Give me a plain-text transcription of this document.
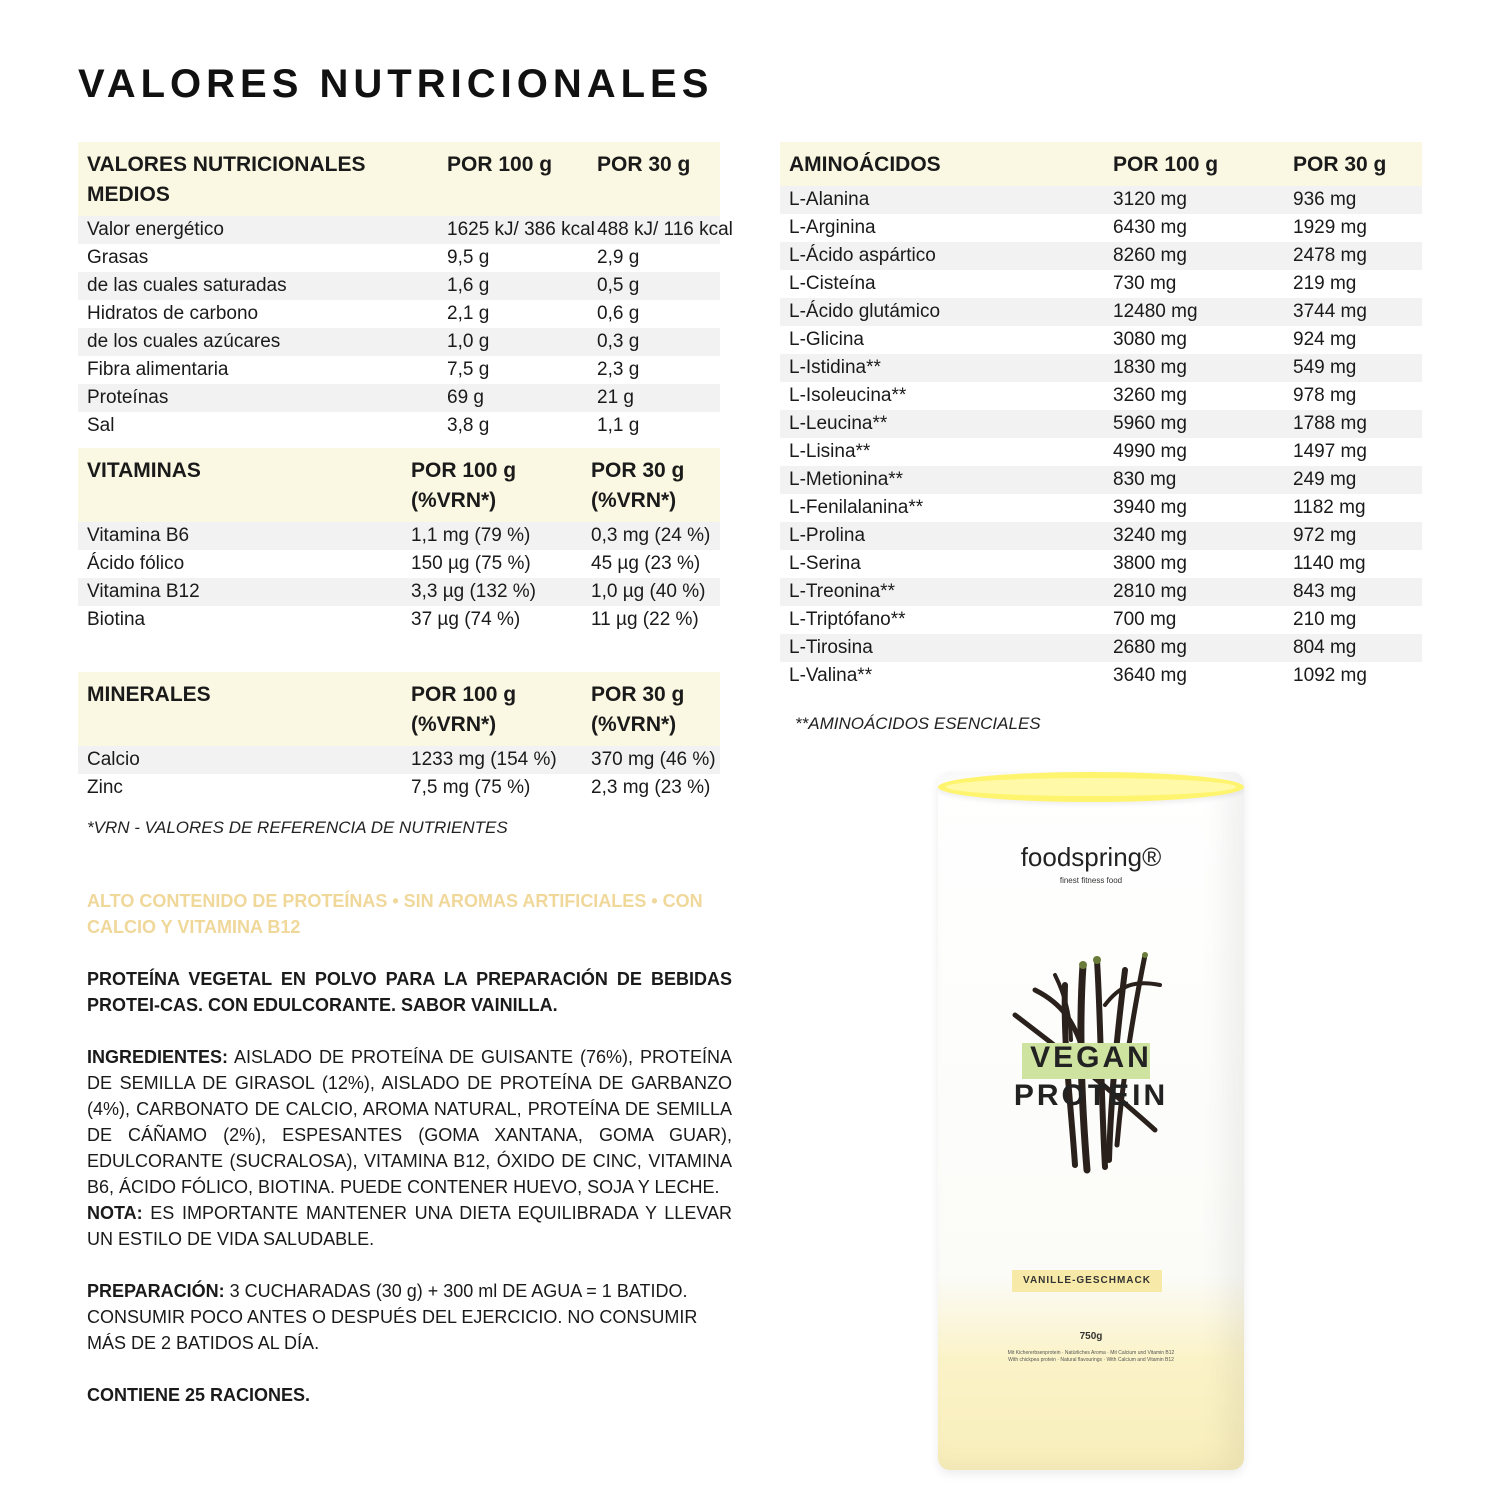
VALORES NUTRICIONALES
VALORES NUTRICIONALES MEDIOS	POR 100 g	POR 30 g
Valor energético	1625 kJ/ 386 kcal	488 kJ/ 116 kcal
Grasas	9,5 g	2,9 g
de las cuales saturadas	1,6 g	0,5 g
Hidratos de carbono	2,1 g	0,6 g
de los cuales azúcares	1,0 g	0,3 g
Fibra alimentaria	7,5 g	2,3 g
Proteínas	69 g	21 g
Sal	3,8 g	1,1 g
VITAMINAS	POR 100 g (%VRN*)	POR 30 g (%VRN*)
Vitamina B6	1,1 mg (79 %)	0,3 mg (24 %)
Ácido fólico	150 µg (75 %)	45 µg (23 %)
Vitamina B12	3,3 µg (132 %)	1,0 µg (40 %)
Biotina	37 µg (74 %)	11 µg (22 %)
MINERALES	POR 100 g (%VRN*)	POR 30 g (%VRN*)
Calcio	1233 mg (154 %)	370 mg (46 %)
Zinc	7,5 mg (75 %)	2,3 mg (23 %)
*VRN - VALORES DE REFERENCIA DE NUTRIENTES
AMINOÁCIDOS	POR 100 g	POR 30 g
L-Alanina	3120 mg	936 mg
L-Arginina	6430 mg	1929 mg
L-Ácido aspártico	8260 mg	2478 mg
L-Cisteína	730 mg	219 mg
L-Ácido glutámico	12480 mg	3744 mg
L-Glicina	3080 mg	924 mg
L-Istidina**	1830 mg	549 mg
L-Isoleucina**	3260 mg	978 mg
L-Leucina**	5960 mg	1788 mg
L-Lisina**	4990 mg	1497 mg
L-Metionina**	830 mg	249 mg
L-Fenilalanina**	3940 mg	1182 mg
L-Prolina	3240 mg	972 mg
L-Serina	3800 mg	1140 mg
L-Treonina**	2810 mg	843 mg
L-Triptófano**	700 mg	210 mg
L-Tirosina	2680 mg	804 mg
L-Valina**	3640 mg	1092 mg
**AMINOÁCIDOS ESENCIALES
ALTO CONTENIDO DE PROTEÍNAS • SIN AROMAS ARTIFICIALES • CON CALCIO Y VITAMINA B12
PROTEÍNA VEGETAL EN POLVO PARA LA PREPARACIÓN DE BEBIDAS PROTEI-CAS. CON EDULCORANTE. SABOR VAINILLA.
INGREDIENTES: AISLADO DE PROTEÍNA DE GUISANTE (76%), PROTEÍNA DE SEMILLA DE GIRASOL (12%), AISLADO DE PROTEÍNA DE GARBANZO (4%), CARBONATO DE CALCIO, AROMA NATURAL, PROTEÍNA DE SEMILLA DE CÁÑAMO (2%), ESPESANTES (GOMA XANTANA, GOMA GUAR), EDULCORANTE (SUCRALOSA), VITAMINA B12, ÓXIDO DE CINC, VITAMINA B6, ÁCIDO FÓLICO, BIOTINA. PUEDE CONTENER HUEVO, SOJA Y LECHE.
NOTA: ES IMPORTANTE MANTENER UNA DIETA EQUILIBRADA Y LLEVAR UN ESTILO DE VIDA SALUDABLE.
PREPARACIÓN: 3 CUCHARADAS (30 g) + 300 ml DE AGUA = 1 BATIDO.
CONSUMIR POCO ANTES O DESPUÉS DEL EJERCICIO. NO CONSUMIR MÁS DE 2 BATIDOS AL DÍA.
CONTIENE 25 RACIONES.
foodspring®
finest fitness food
VEGAN
PROTEIN
VANILLE-GESCHMACK
750g
Mit Kichererbsenprotein · Natürliches Aroma · Mit Calcium und Vitamin B12
With chickpea protein · Natural flavourings · With Calcium and Vitamin B12
